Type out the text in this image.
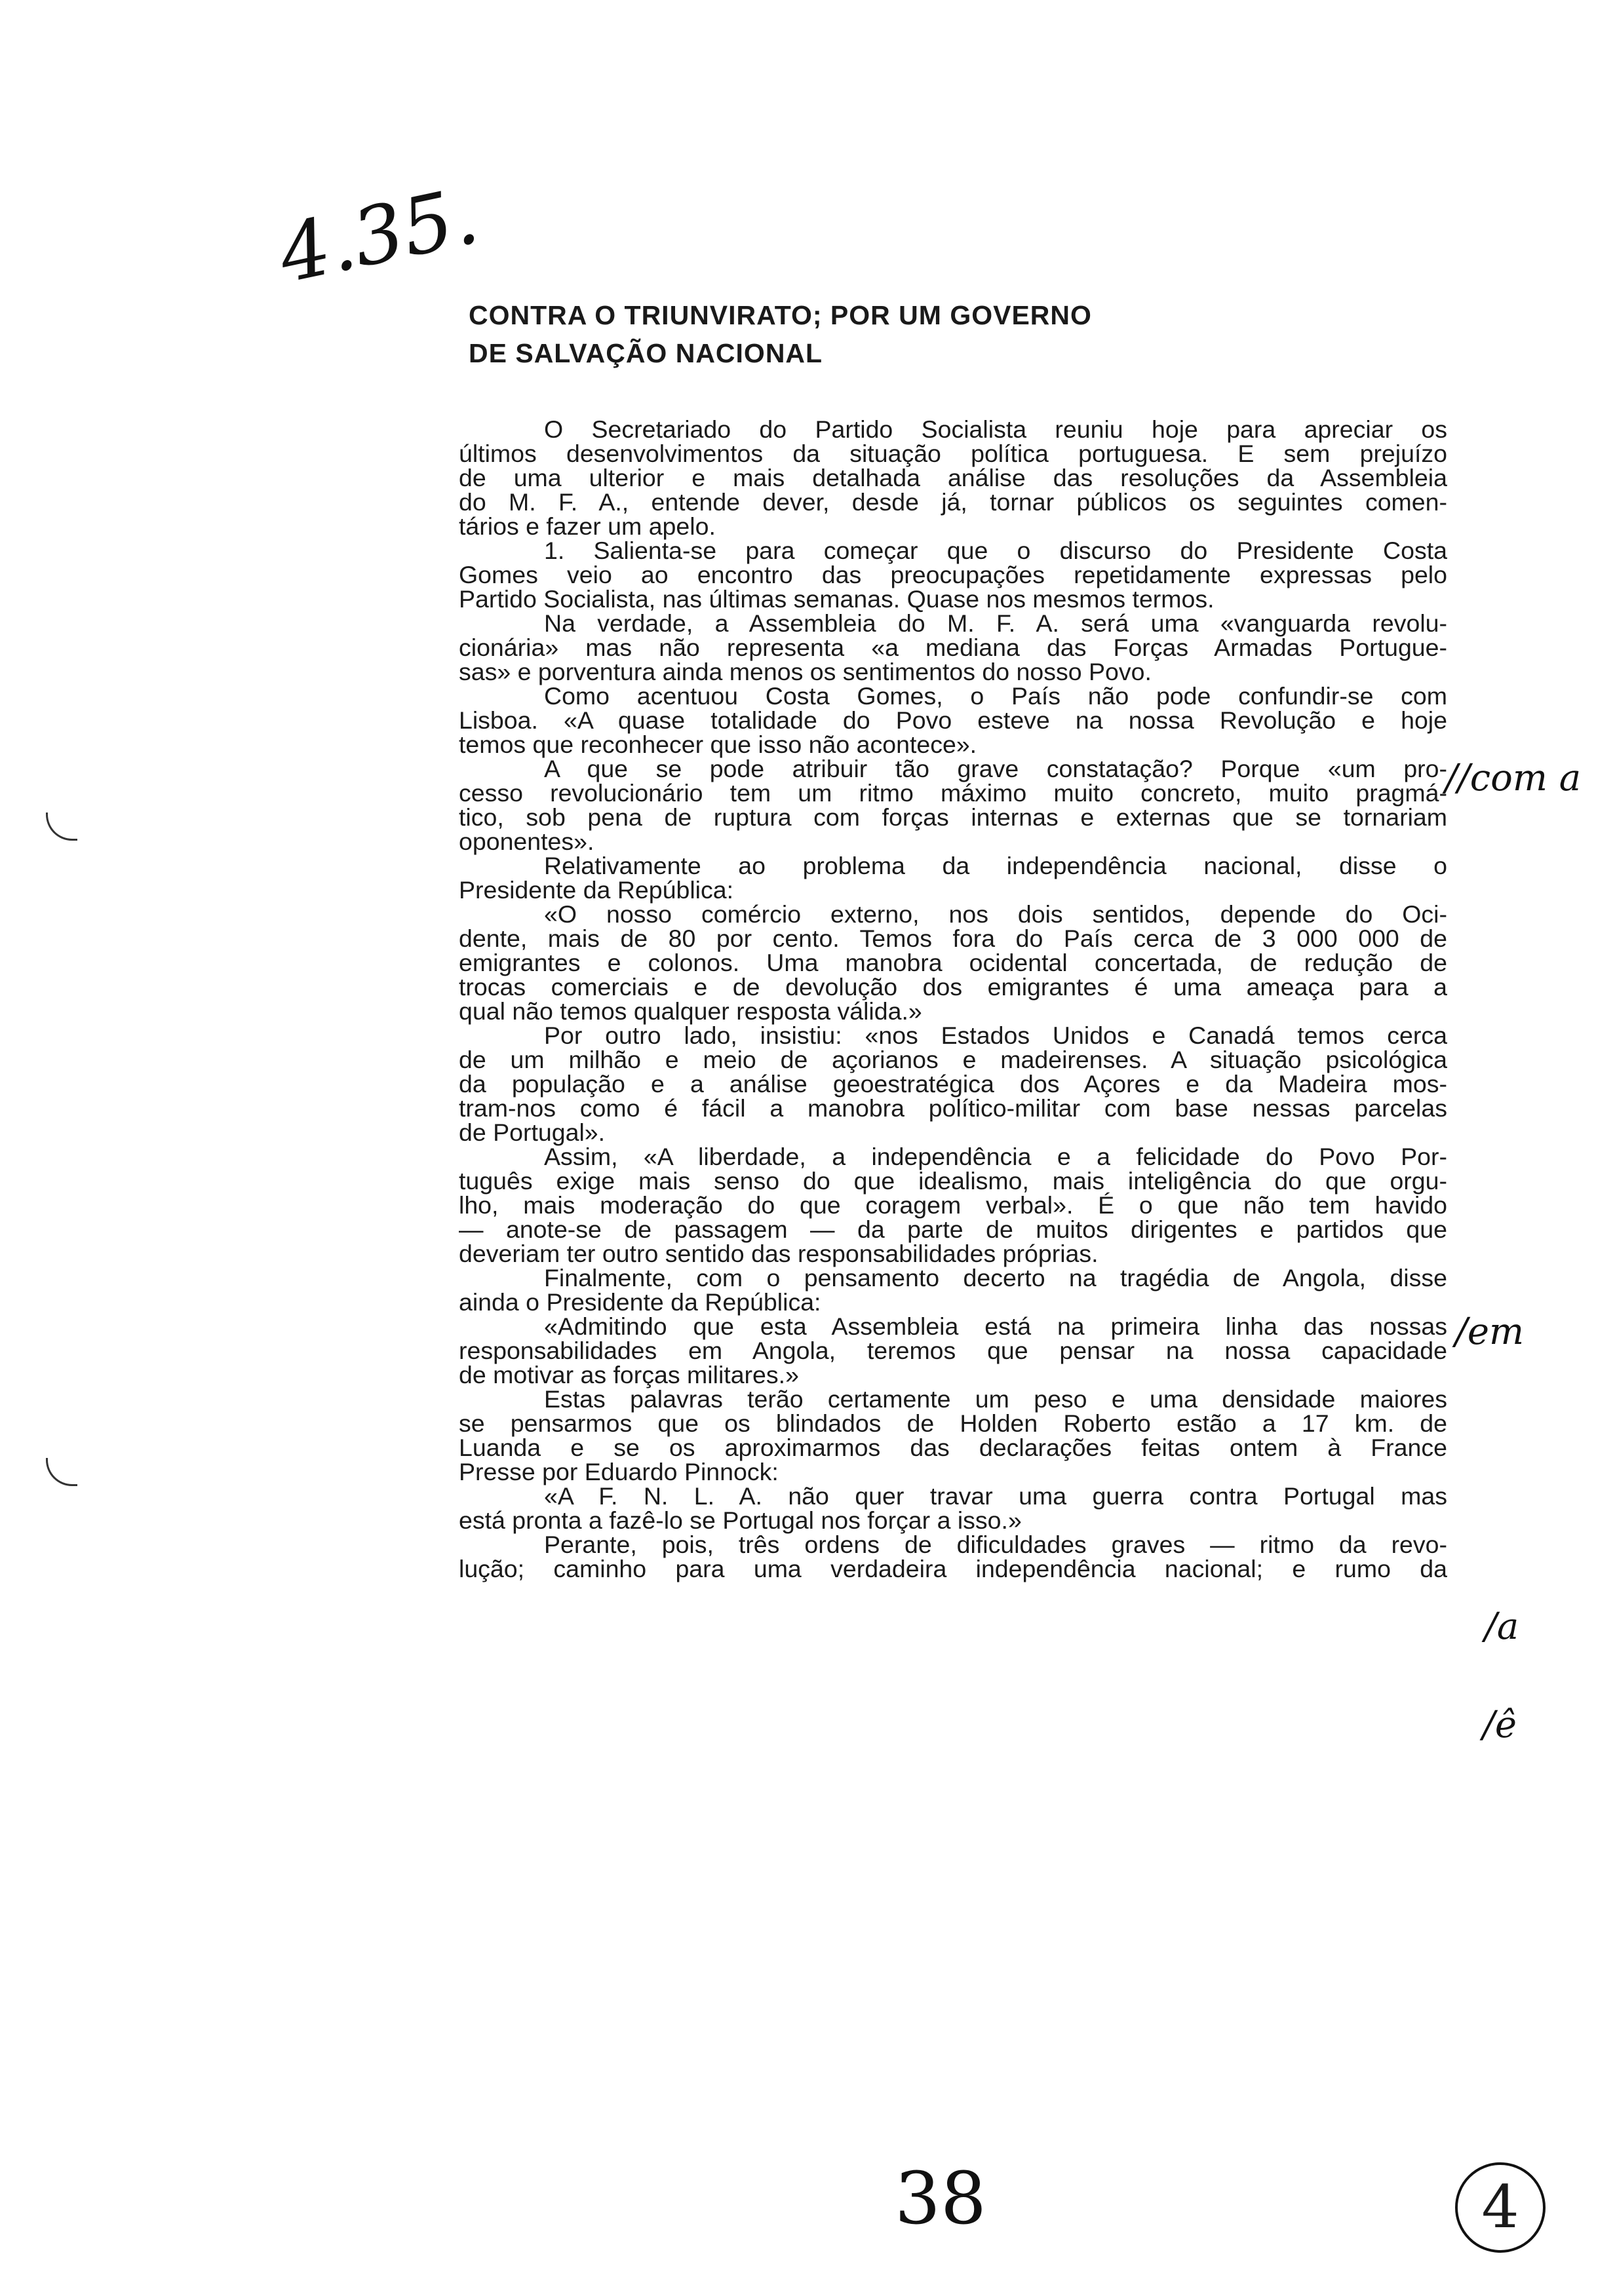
4.35.
CONTRA O TRIUNVIRATO; POR UM GOVERNO
DE SALVAÇÃO NACIONAL
O Secretariado do Partido Socialista reuniu hoje para apreciar os
últimos desenvolvimentos da situação política portuguesa. E sem prejuízo
de uma ulterior e mais detalhada análise das resoluções da Assembleia
do M. F. A., entende dever, desde já, tornar públicos os seguintes comen-
tários e fazer um apelo.
1. Salienta-se para começar que o discurso do Presidente Costa
Gomes veio ao encontro das preocupações repetidamente expressas pelo
Partido Socialista, nas últimas semanas. Quase nos mesmos termos.
Na verdade, a Assembleia do M. F. A. será uma «vanguarda revolu-
cionária» mas não representa «a mediana das Forças Armadas Portugue-
sas» e porventura ainda menos os sentimentos do nosso Povo.
Como acentuou Costa Gomes, o País não pode confundir-se com
Lisboa. «A quase totalidade do Povo esteve na nossa Revolução e hoje
temos que reconhecer que isso não acontece».
A que se pode atribuir tão grave constatação? Porque «um pro-
cesso revolucionário tem um ritmo máximo muito concreto, muito pragmá-
tico, sob pena de ruptura com forças internas e externas que se tornariam
oponentes».
Relativamente ao problema da independência nacional, disse o
Presidente da República:
«O nosso comércio externo, nos dois sentidos, depende do Oci-
dente, mais de 80 por cento. Temos fora do País cerca de 3 000 000 de
emigrantes e colonos. Uma manobra ocidental concertada, de redução de
trocas comerciais e de devolução dos emigrantes é uma ameaça para a
qual não temos qualquer resposta válida.»
Por outro lado, insistiu: «nos Estados Unidos e Canadá temos cerca
de um milhão e meio de açorianos e madeirenses. A situação psicológica
da população e a análise geoestratégica dos Açores e da Madeira mos-
tram-nos como é fácil a manobra político-militar com base nessas parcelas
de Portugal».
Assim, «A liberdade, a independência e a felicidade do Povo Por-
tuguês exige mais senso do que idealismo, mais inteligência do que orgu-
lho, mais moderação do que coragem verbal». É o que não tem havido
— anote-se de passagem — da parte de muitos dirigentes e partidos que
deveriam ter outro sentido das responsabilidades próprias.
Finalmente, com o pensamento decerto na tragédia de Angola, disse
ainda o Presidente da República:
«Admitindo que esta Assembleia está na primeira linha das nossas
responsabilidades em Angola, teremos que pensar na nossa capacidade
de motivar as forças militares.»
Estas palavras terão certamente um peso e uma densidade maiores
se pensarmos que os blindados de Holden Roberto estão a 17 km. de
Luanda e se os aproximarmos das declarações feitas ontem à France
Presse por Eduardo Pinnock:
«A F. N. L. A. não quer travar uma guerra contra Portugal mas
está pronta a fazê-lo se Portugal nos forçar a isso.»
Perante, pois, três ordens de dificuldades graves — ritmo da revo-
lução; caminho para uma verdadeira independência nacional; e rumo da
//com a
/em
/a
/ê
38	4
